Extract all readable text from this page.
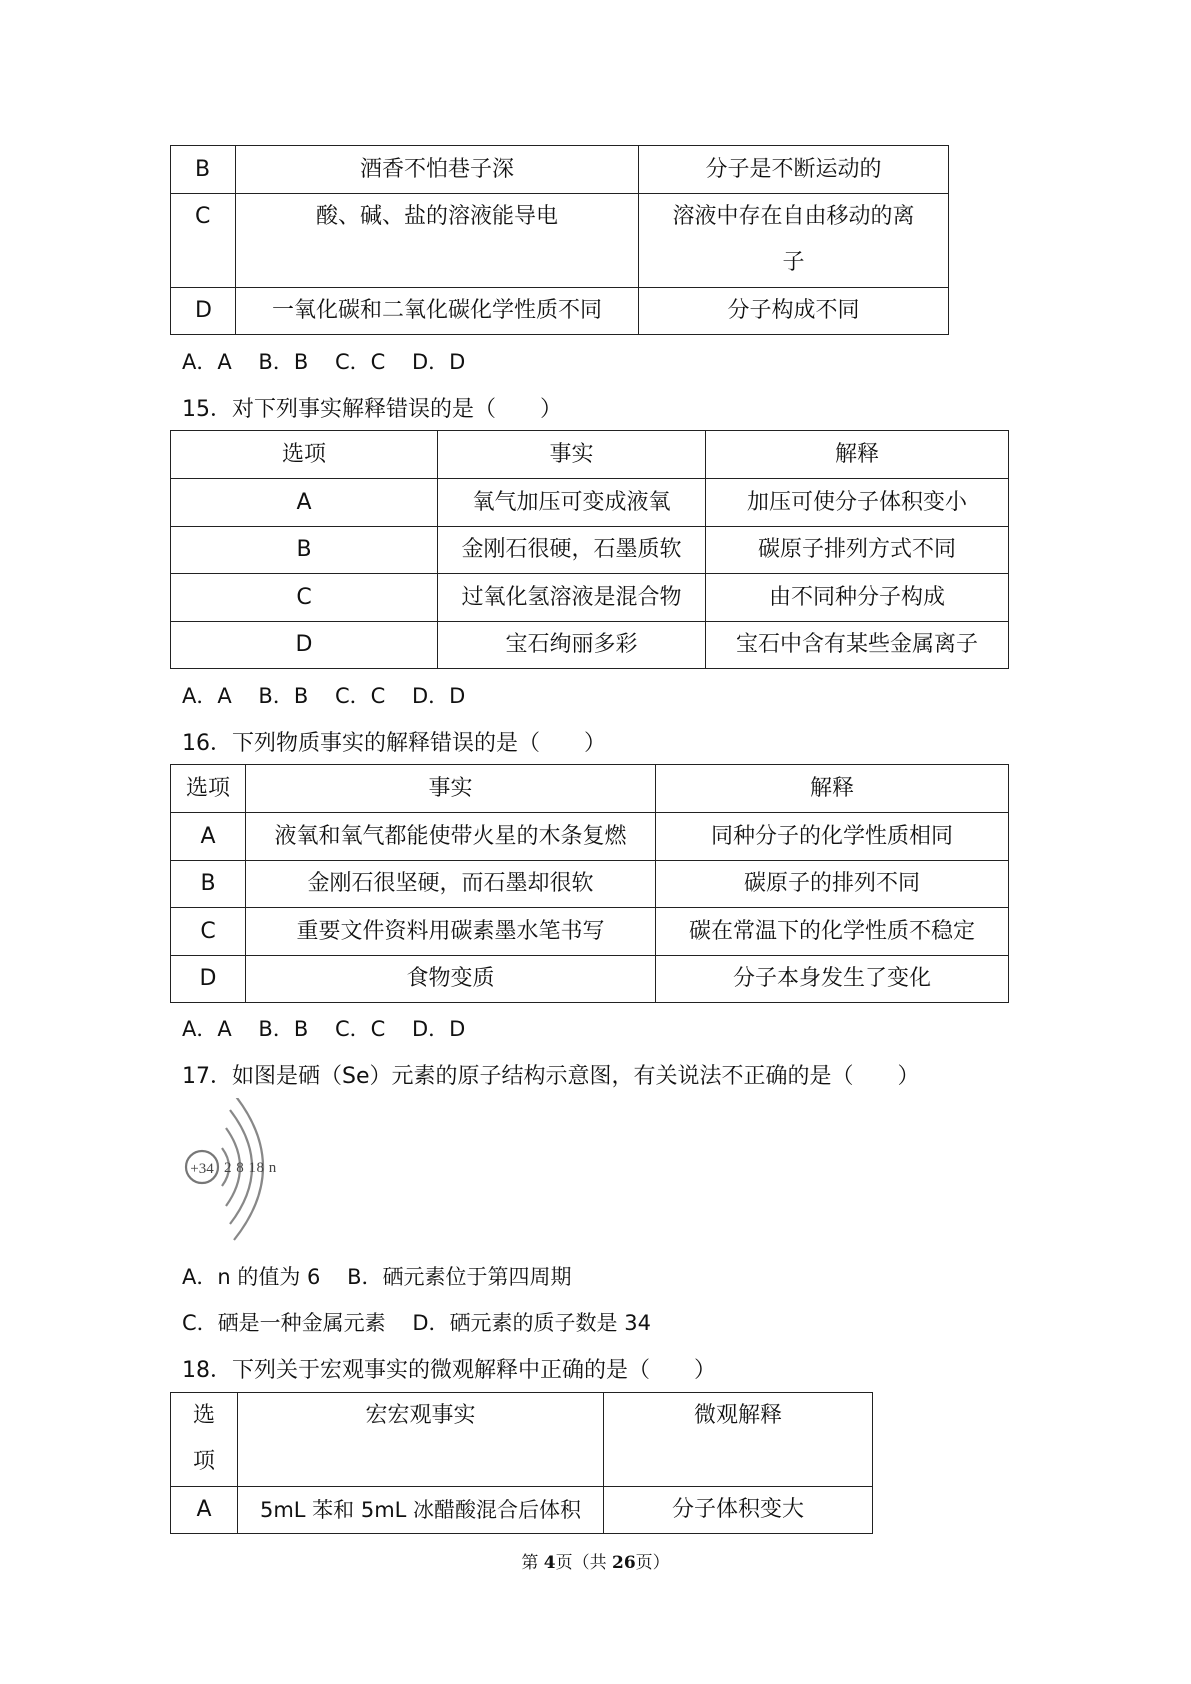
B	酒香不怕巷子深	分子是不断运动的
C	酸、碱、盐的溶液能导电	溶液中存在自由移动的离
子

D	一氧化碳和二氧化碳化学性质不同	分子构成不同
A．A    B．B    C．C    D．D
15．对下列事实解释错误的是（　　）
选项	事实	解释
A	氧气加压可变成液氧	加压可使分子体积变小
B	金刚石很硬，石墨质软	碳原子排列方式不同
C	过氧化氢溶液是混合物	由不同种分子构成
D	宝石绚丽多彩	宝石中含有某些金属离子
A．A    B．B    C．C    D．D
16．下列物质事实的解释错误的是（　　）
选项	事实	解释
A	液氧和氧气都能使带火星的木条复燃	同种分子的化学性质相同
B	金刚石很坚硬，而石墨却很软	碳原子的排列不同
C	重要文件资料用碳素墨水笔书写	碳在常温下的化学性质不稳定
D	食物变质	分子本身发生了变化
A．A    B．B    C．C    D．D
17．如图是硒（Se）元素的原子结构示意图，有关说法不正确的是（　　）
+34 2 8 18 n
A．n 的值为 6    B．硒元素位于第四周期
C．硒是一种金属元素    D．硒元素的质子数是 34
18．下列关于宏观事实的微观解释中正确的是（　　）
选
项	宏宏观事实	微观解释
A	5mL 苯和 5mL 冰醋酸混合后体积	分子体积变大
第 4页（共 26页）
